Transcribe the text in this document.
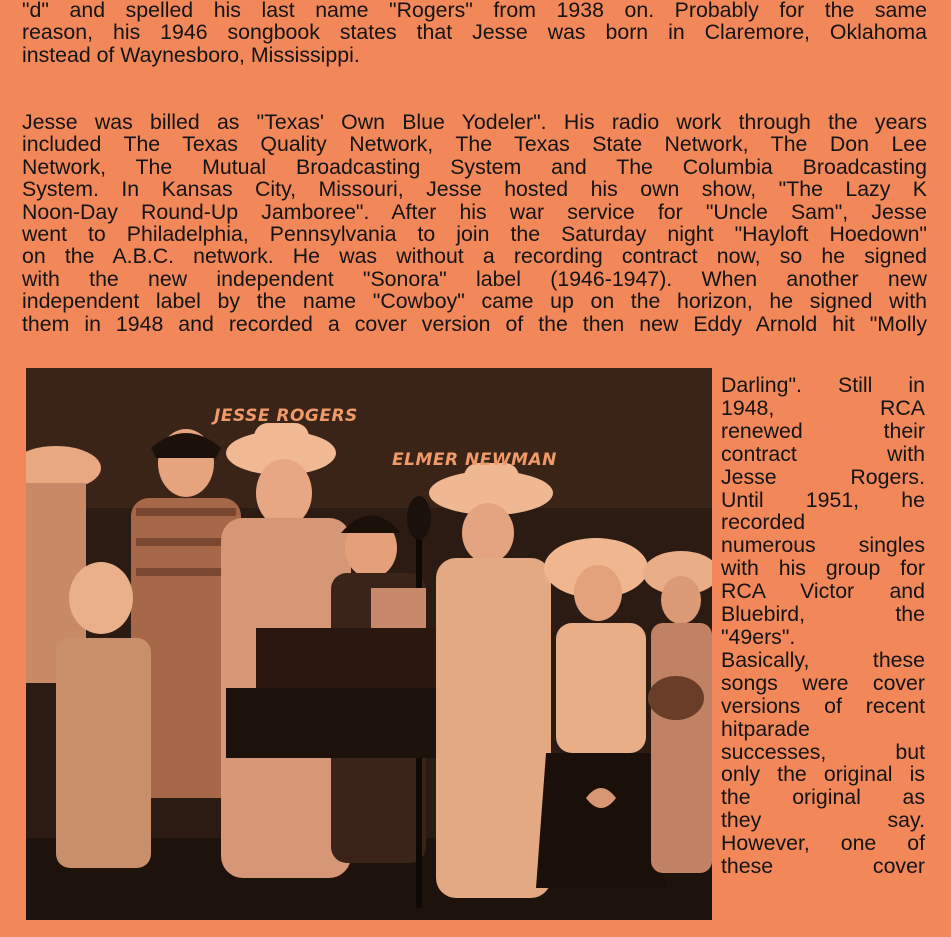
"d" and spelled his last name "Rogers" from 1938 on. Probably for the same
reason, his 1946 songbook states that Jesse was born in Claremore, Oklahoma
instead of Waynesboro, Mississippi.
Jesse was billed as "Texas' Own Blue Yodeler". His radio work through the years
included The Texas Quality Network, The Texas State Network, The Don Lee
Network, The Mutual Broadcasting System and The Columbia Broadcasting
System. In Kansas City, Missouri, Jesse hosted his own show, "The Lazy K
Noon-Day Round-Up Jamboree". After his war service for "Uncle Sam", Jesse
went to Philadelphia, Pennsylvania to join the Saturday night "Hayloft Hoedown"
on the A.B.C. network. He was without a recording contract now, so he signed
with the new independent "Sonora" label (1946-1947). When another new
independent label by the name "Cowboy" came up on the horizon, he signed with
them in 1948 and recorded a cover version of the then new Eddy Arnold hit "Molly
JESSE ROGERS
ELMER NEWMAN
Darling". Still in
1948, RCA
renewed their
contract with
Jesse Rogers.
Until 1951, he
recorded
numerous singles
with his group for
RCA Victor and
Bluebird, the
"49ers".
Basically, these
songs were cover
versions of recent
hitparade
successes, but
only the original is
the original as
they say.
However, one of
these cover
